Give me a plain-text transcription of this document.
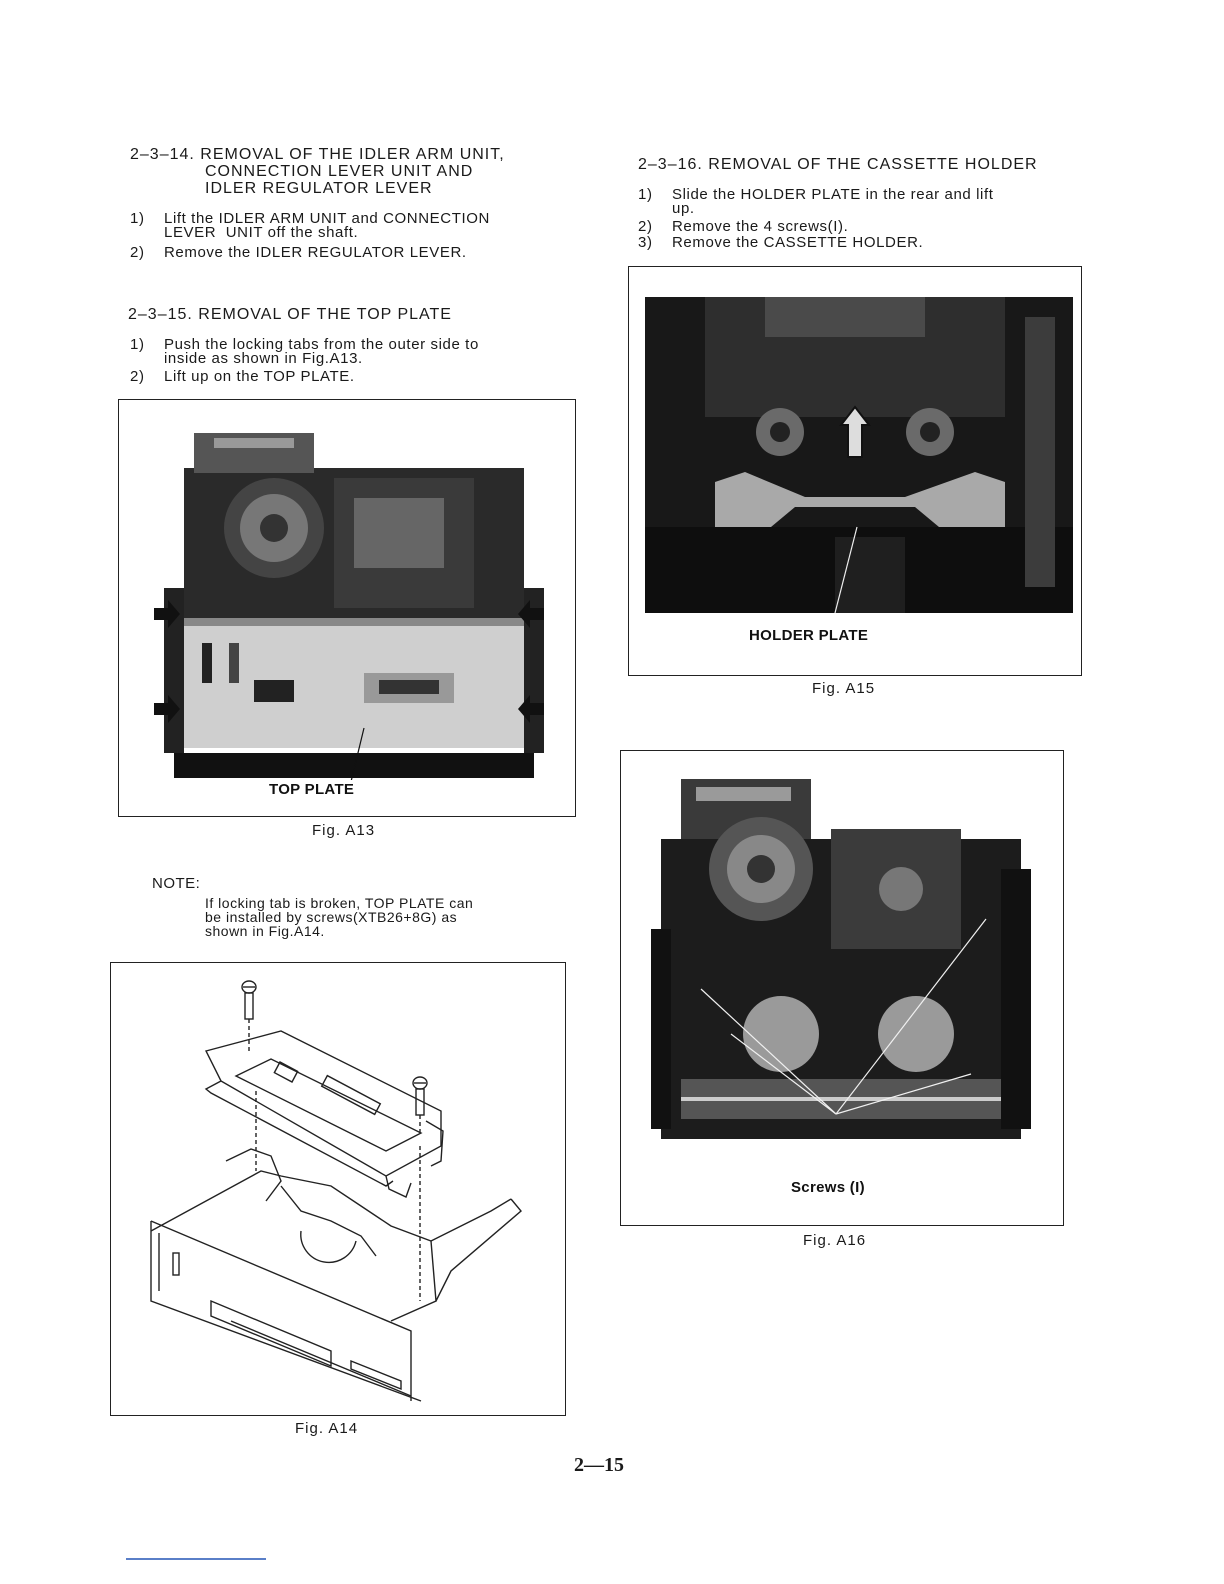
2–3–14. REMOVAL OF THE IDLER ARM UNIT,
CONNECTION LEVER UNIT AND
IDLER REGULATOR LEVER
1) Lift the IDLER ARM UNIT and CONNECTION
LEVER  UNIT off the shaft.
2) Remove the IDLER REGULATOR LEVER.
2–3–15. REMOVAL OF THE TOP PLATE
1) Push the locking tabs from the outer side to
inside as shown in Fig.A13.
2) Lift up on the TOP PLATE.
TOP PLATE
Fig. A13
NOTE:
If locking tab is broken, TOP PLATE can
be installed by screws(XTB26+8G) as
shown in Fig.A14.
Fig. A14
2–3–16. REMOVAL OF THE CASSETTE HOLDER
1) Slide the HOLDER PLATE in the rear and lift
up.
2) Remove the 4 screws(I).
3) Remove the CASSETTE HOLDER.
HOLDER PLATE
Fig. A15
Screws (I)
Fig. A16
2—15
